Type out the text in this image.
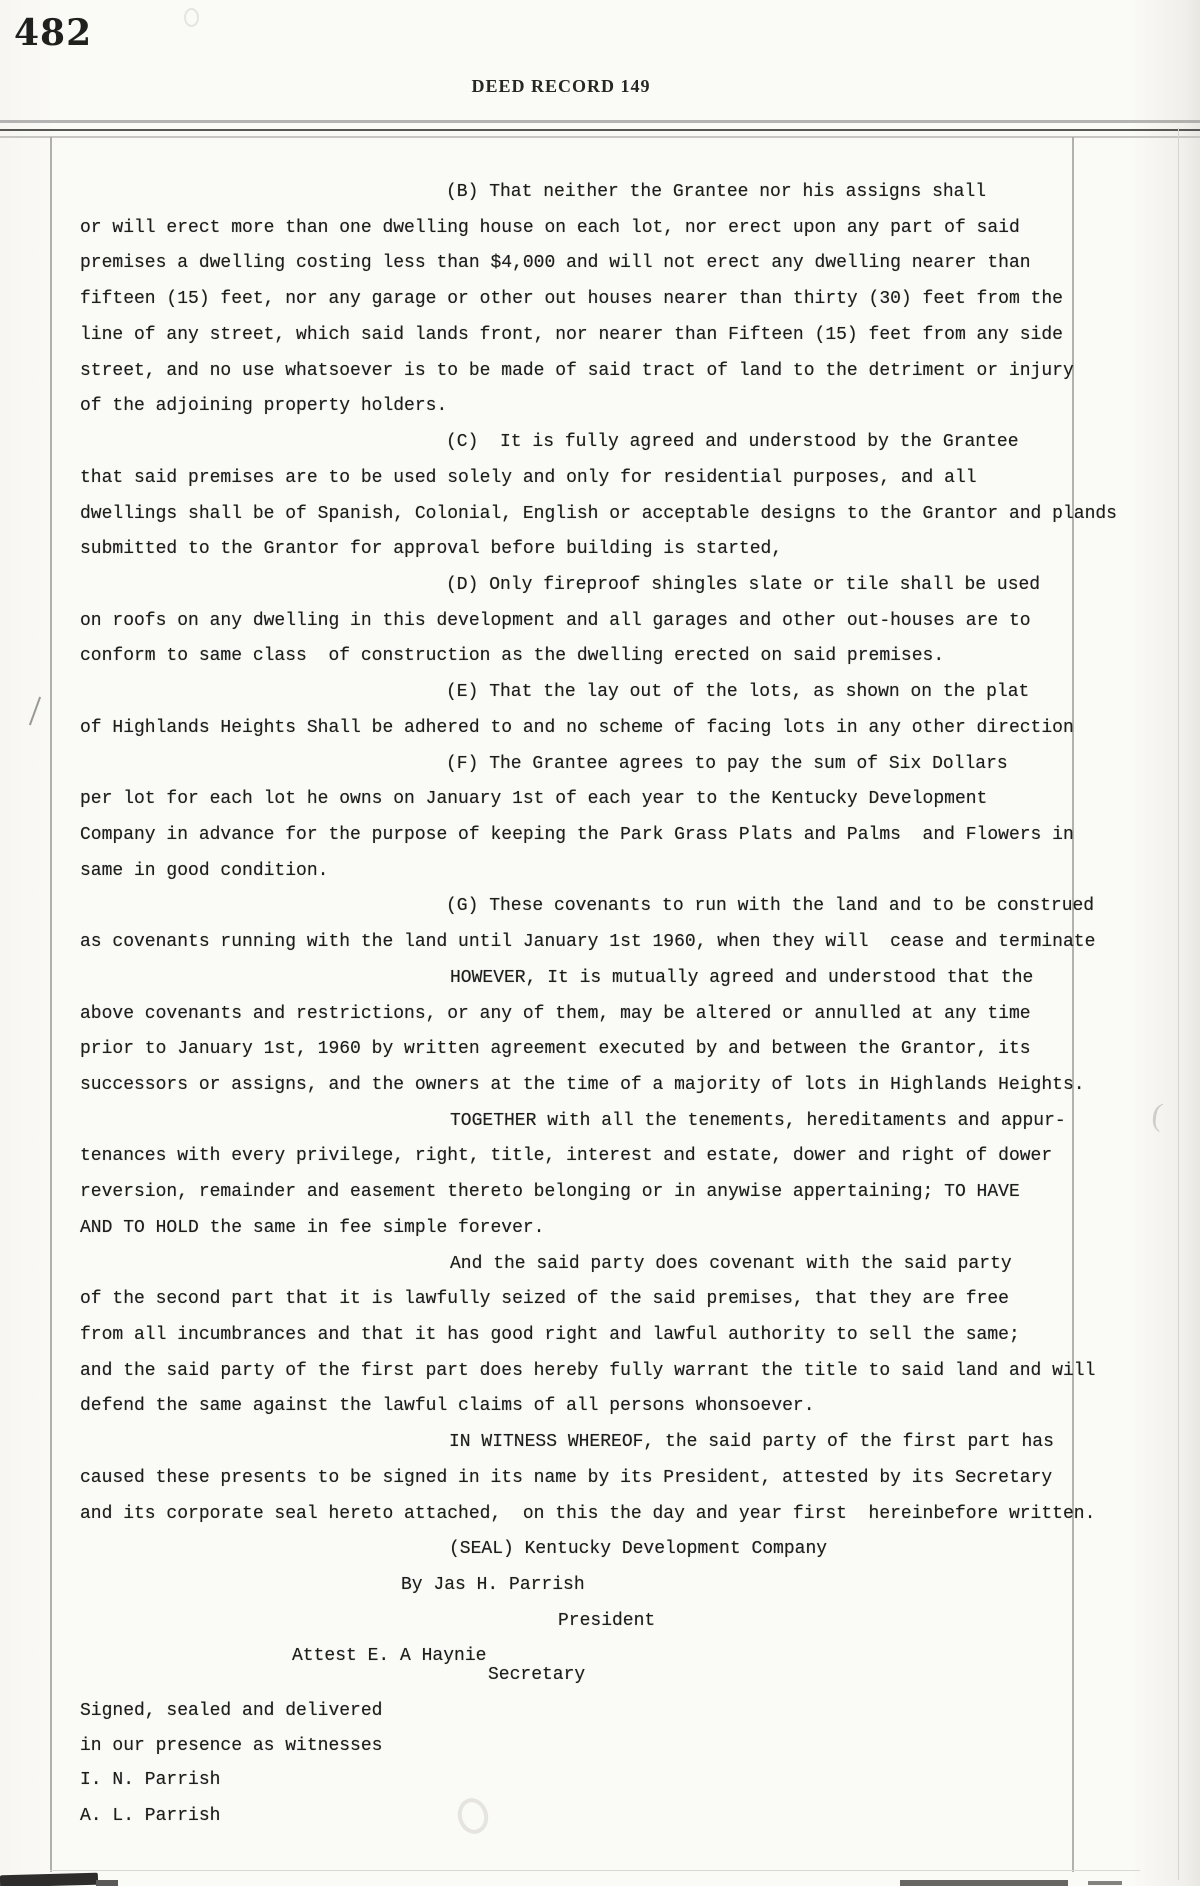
482
DEED RECORD 149
(B) That neither the Grantee nor his assigns shall
or will erect more than one dwelling house on each lot, nor erect upon any part of said
premises a dwelling costing less than $4,000 and will not erect any dwelling nearer than
fifteen (15) feet, nor any garage or other out houses nearer than thirty (30) feet from the
line of any street, which said lands front, nor nearer than Fifteen (15) feet from any side
street, and no use whatsoever is to be made of said tract of land to the detriment or injury
of the adjoining property holders.
(C)  It is fully agreed and understood by the Grantee
that said premises are to be used solely and only for residential purposes, and all
dwellings shall be of Spanish, Colonial, English or acceptable designs to the Grantor and plands
submitted to the Grantor for approval before building is started,
(D) Only fireproof shingles slate or tile shall be used
on roofs on any dwelling in this development and all garages and other out-houses are to
conform to same class  of construction as the dwelling erected on said premises.
(E) That the lay out of the lots, as shown on the plat
of Highlands Heights Shall be adhered to and no scheme of facing lots in any other direction
(F) The Grantee agrees to pay the sum of Six Dollars
per lot for each lot he owns on January 1st of each year to the Kentucky Development
Company in advance for the purpose of keeping the Park Grass Plats and Palms  and Flowers in
same in good condition.
(G) These covenants to run with the land and to be construed
as covenants running with the land until January 1st 1960, when they will  cease and terminate
HOWEVER, It is mutually agreed and understood that the
above covenants and restrictions, or any of them, may be altered or annulled at any time
prior to January 1st, 1960 by written agreement executed by and between the Grantor, its
successors or assigns, and the owners at the time of a majority of lots in Highlands Heights.
TOGETHER with all the tenements, hereditaments and appur-
tenances with every privilege, right, title, interest and estate, dower and right of dower
reversion, remainder and easement thereto belonging or in anywise appertaining; TO HAVE
AND TO HOLD the same in fee simple forever.
And the said party does covenant with the said party
of the second part that it is lawfully seized of the said premises, that they are free
from all incumbrances and that it has good right and lawful authority to sell the same;
and the said party of the first part does hereby fully warrant the title to said land and will
defend the same against the lawful claims of all persons whonsoever.
IN WITNESS WHEREOF, the said party of the first part has
caused these presents to be signed in its name by its President, attested by its Secretary
and its corporate seal hereto attached,  on this the day and year first  hereinbefore written.
(SEAL) Kentucky Development Company
By Jas H. Parrish
President
Attest E. A Haynie
Secretary
Signed, sealed and delivered
in our presence as witnesses
I. N. Parrish
A. L. Parrish
(
